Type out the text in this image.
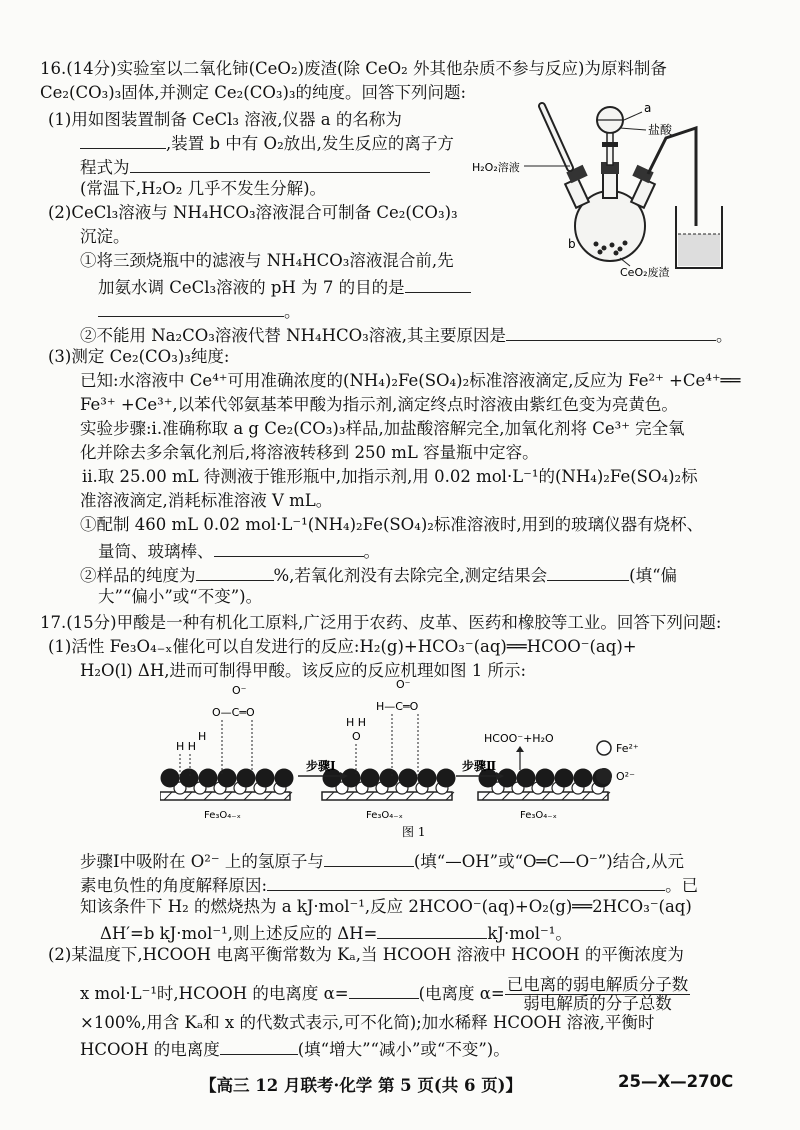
16.(14分)实验室以二氧化铈(CeO₂)废渣(除 CeO₂ 外其他杂质不参与反应)为原料制备
Ce₂(CO₃)₃固体,并测定 Ce₂(CO₃)₃的纯度。回答下列问题:
(1)用如图装置制备 CeCl₃ 溶液,仪器 a 的名称为
,装置 b 中有 O₂放出,发生反应的离子方
程式为
(常温下,H₂O₂ 几乎不发生分解)。
(2)CeCl₃溶液与 NH₄HCO₃溶液混合可制备 Ce₂(CO₃)₃
沉淀。
①将三颈烧瓶中的滤液与 NH₄HCO₃溶液混合前,先
加氨水调 CeCl₃溶液的 pH 为 7 的目的是
。
②不能用 Na₂CO₃溶液代替 NH₄HCO₃溶液,其主要原因是	。
(3)测定 Ce₂(CO₃)₃纯度:
已知:水溶液中 Ce⁴⁺可用准确浓度的(NH₄)₂Fe(SO₄)₂标准溶液滴定,反应为 Fe²⁺ +Ce⁴⁺══
Fe³⁺ +Ce³⁺,以苯代邻氨基苯甲酸为指示剂,滴定终点时溶液由紫红色变为亮黄色。
实验步骤:ⅰ.准确称取 a g Ce₂(CO₃)₃样品,加盐酸溶解完全,加氧化剂将 Ce³⁺ 完全氧
化并除去多余氧化剂后,将溶液转移到 250 mL 容量瓶中定容。
ⅱ.取 25.00 mL 待测液于锥形瓶中,加指示剂,用 0.02 mol·L⁻¹的(NH₄)₂Fe(SO₄)₂标
准溶液滴定,消耗标准溶液 V mL。
①配制 460 mL 0.02 mol·L⁻¹(NH₄)₂Fe(SO₄)₂标准溶液时,用到的玻璃仪器有烧杯、
量筒、玻璃棒、	。
②样品的纯度为	%,若氧化剂没有去除完全,测定结果会	(填“偏
大”“偏小”或“不变”)。
a
盐酸
H₂O₂溶液
b
CeO₂废渣
17.(15分)甲酸是一种有机化工原料,广泛用于农药、皮革、医药和橡胶等工业。回答下列问题:
(1)活性 Fe₃O₄₋ₓ催化可以自发进行的反应:H₂(g)+HCO₃⁻(aq)══HCOO⁻(aq)+
H₂O(l) ΔH,进而可制得甲酸。该反应的反应机理如图 1 所示:
O⁻
O—C═O
H
H H
步骤Ⅰ
O⁻
H—C═O
H H
O
步骤Ⅱ
HCOO⁻+H₂O
Fe²⁺
O²⁻
Fe₃O₄₋ₓ	Fe₃O₄₋ₓ	Fe₃O₄₋ₓ
图 1
步骤Ⅰ中吸附在 O²⁻ 上的氢原子与	(填“—OH”或“O═C—O⁻”)结合,从元
素电负性的角度解释原因:	。已
知该条件下 H₂ 的燃烧热为 a kJ·mol⁻¹,反应 2HCOO⁻(aq)+O₂(g)══2HCO₃⁻(aq)
ΔH′=b kJ·mol⁻¹,则上述反应的 ΔH=	kJ·mol⁻¹。
(2)某温度下,HCOOH 电离平衡常数为 Kₐ,当 HCOOH 溶液中 HCOOH 的平衡浓度为
x mol·L⁻¹时,HCOOH 的电离度 α=	(电离度 $\alpha= \frac{\text{已电离的弱电解质分子数}}{\text{弱电解质的分子总数}}$
×100%,用含 Kₐ和 x 的代数式表示,可不化简);加水稀释 HCOOH 溶液,平衡时
HCOOH 的电离度	(填“增大”“减小”或“不变”)。
【高三 12 月联考·化学 第 5 页(共 6 页)】	25—X—270C
